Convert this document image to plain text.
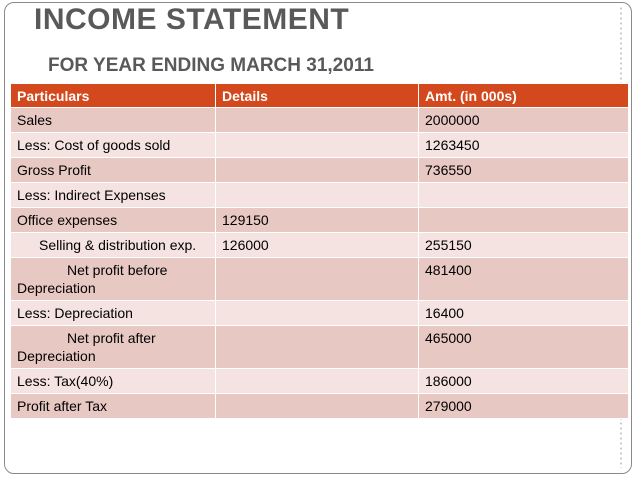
INCOME STATEMENT
FOR YEAR ENDING MARCH 31,2011
Particulars	Details	Amt. (in 000s)
Sales		2000000
Less: Cost of goods sold		1263450
Gross Profit		736550
Less: Indirect Expenses		
Office expenses	129150	
Selling & distribution exp.	126000	255150
Net profit before Depreciation		481400
Less: Depreciation		16400
Net profit after Depreciation		465000
Less: Tax(40%)		186000
Profit after Tax		279000
